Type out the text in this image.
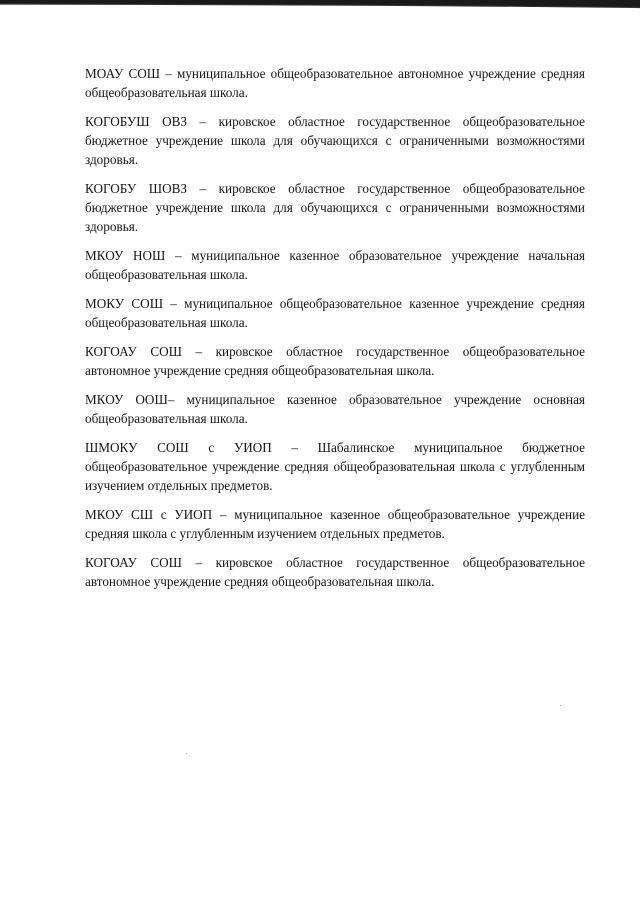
МОАУ СОШ – муниципальное общеобразовательное автономное учреждение средняя общеобразовательная школа.

КОГОБУШ ОВЗ – кировское областное государственное общеобразовательное бюджетное учреждение школа для обучающихся с ограниченными возможностями здоровья.

КОГОБУ ШОВЗ – кировское областное государственное общеобразовательное бюджетное учреждение школа для обучающихся с ограниченными возможностями здоровья.

МКОУ НОШ – муниципальное казенное образовательное учреждение начальная общеобразовательная школа.

МОКУ СОШ – муниципальное общеобразовательное казенное учреждение средняя общеобразовательная школа.

КОГОАУ СОШ – кировское областное государственное общеобразовательное автономное учреждение средняя общеобразовательная школа.

МКОУ ООШ– муниципальное казенное образовательное учреждение основная общеобразовательная школа.

ШМОКУ СОШ с УИОП – Шабалинское муниципальное бюджетное общеобразовательное учреждение средняя общеобразовательная школа с углубленным изучением отдельных предметов.

МКОУ СШ с УИОП – муниципальное казенное общеобразовательное учреждение средняя школа с углубленным изучением отдельных предметов.

КОГОАУ СОШ – кировское областное государственное общеобразовательное автономное учреждение средняя общеобразовательная школа.
